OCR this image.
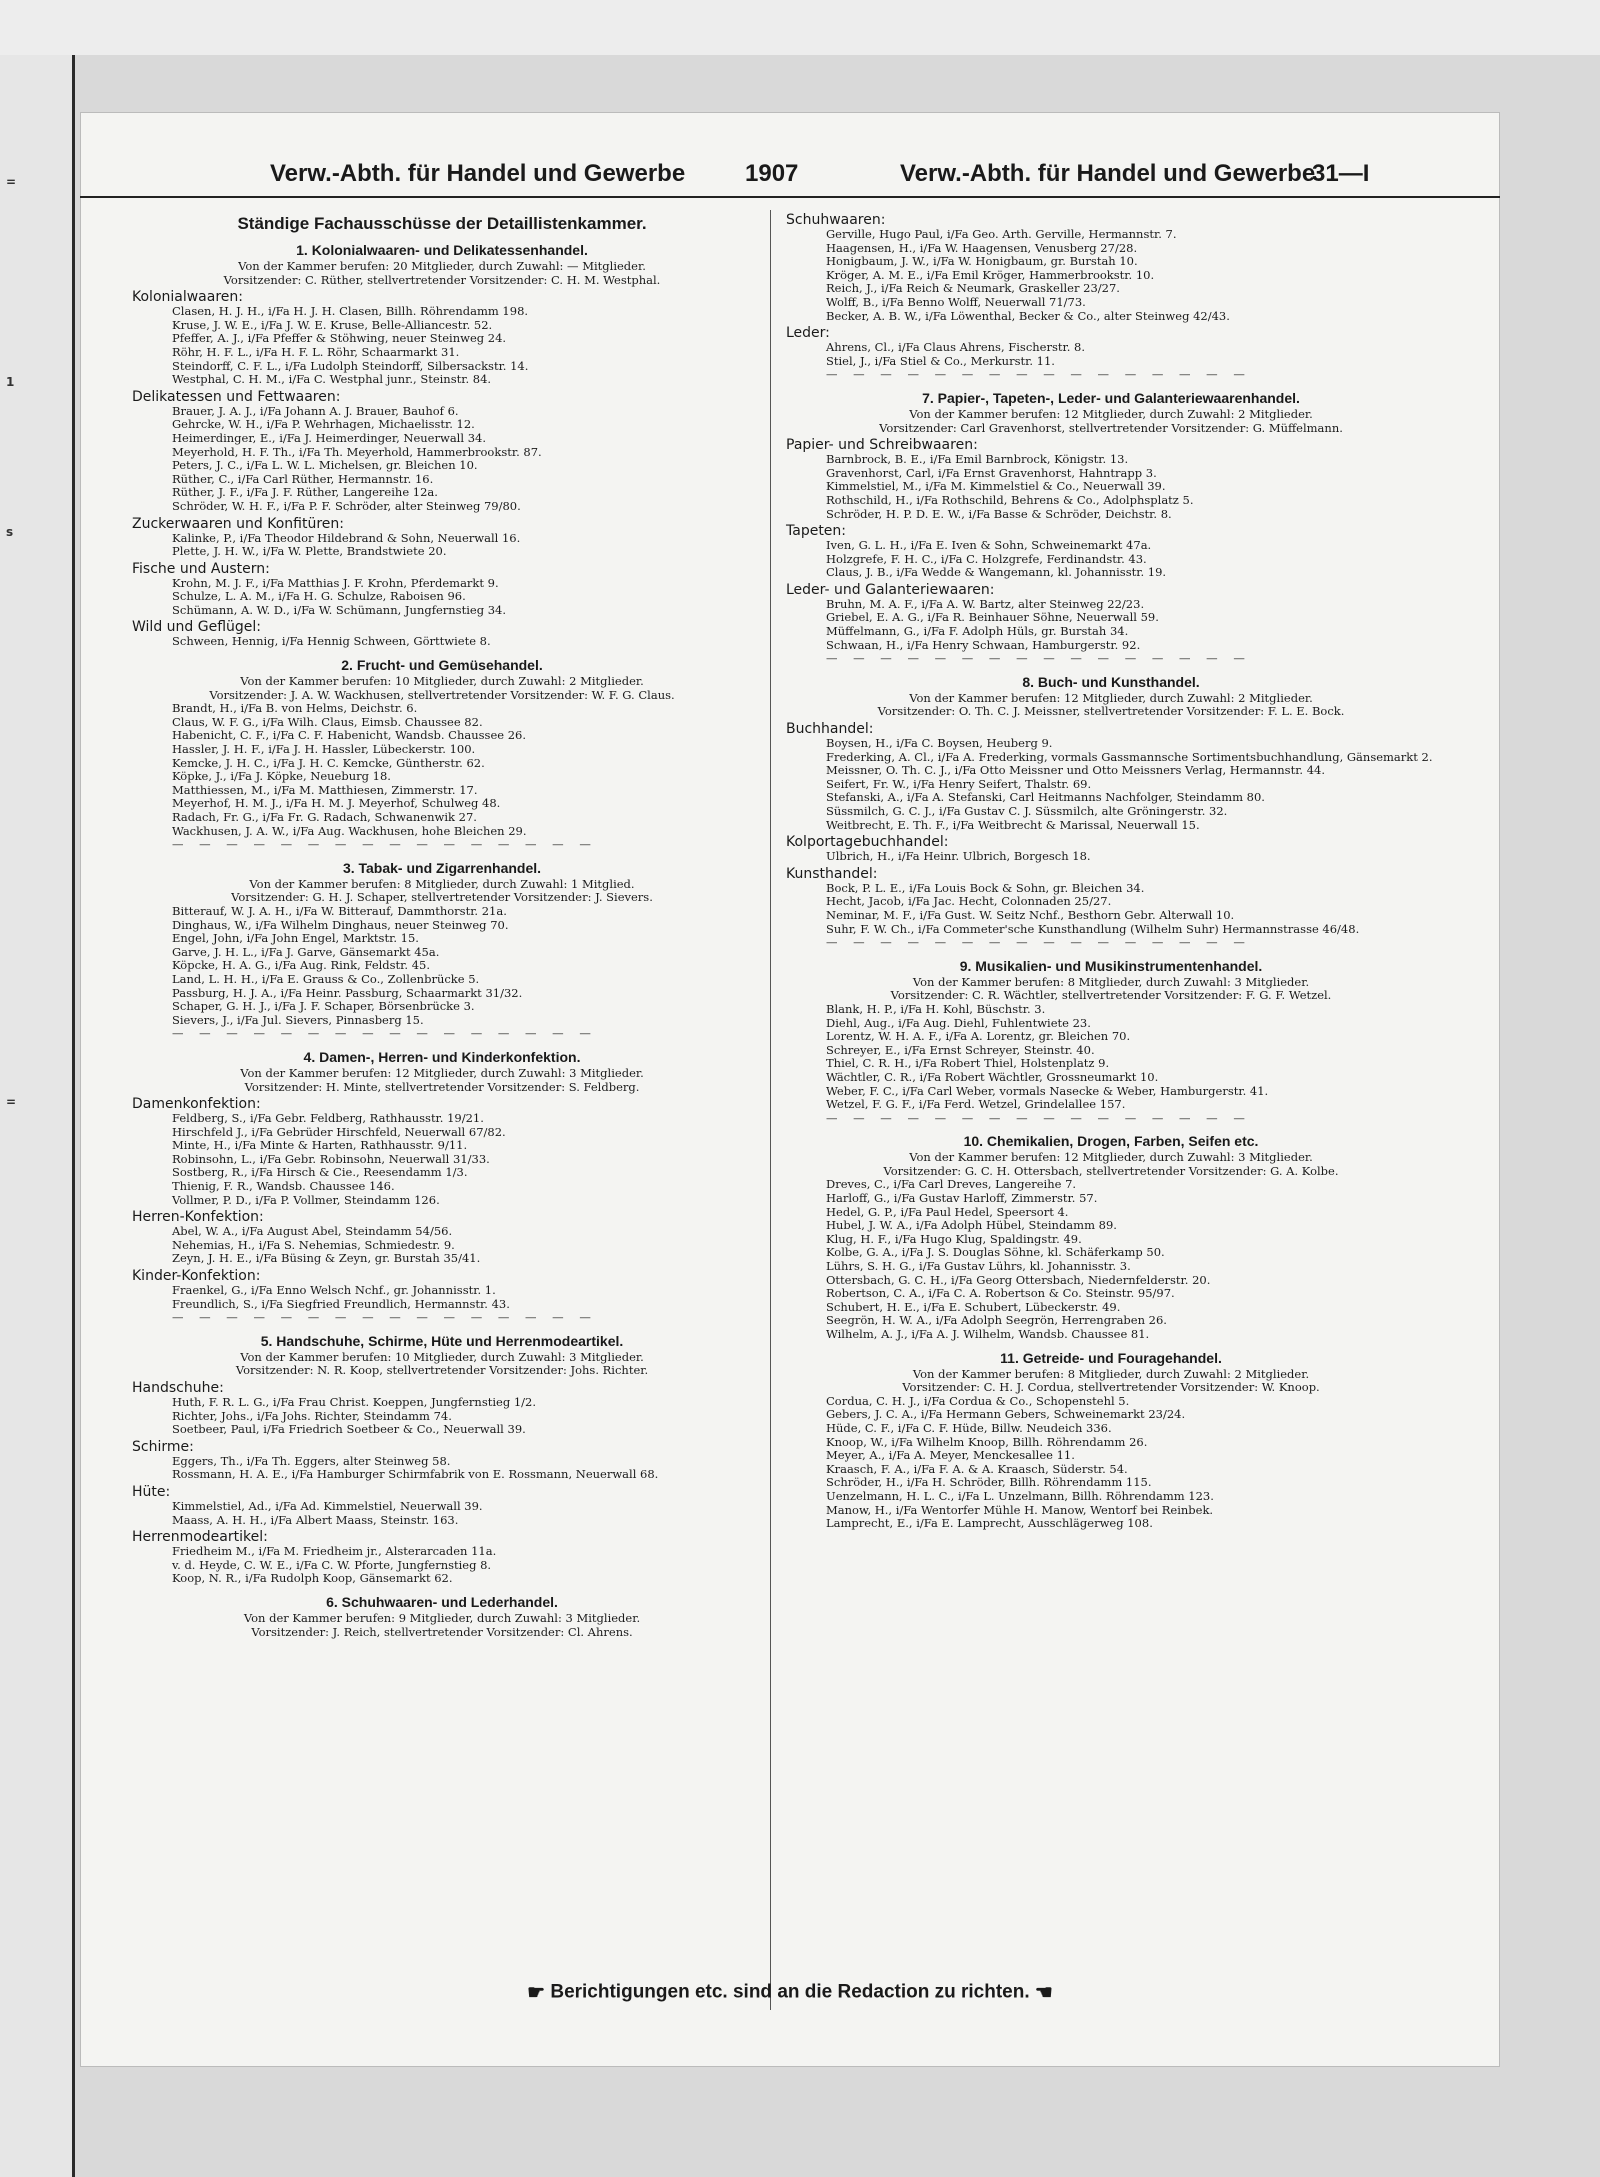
=
1
s
=
Verw.-Abth. für Handel und Gewerbe 1907	Verw.-Abth. für Handel und Gewerbe
31—I
Ständige Fachausschüsse der Detaillistenkammer.
1. Kolonialwaaren- und Delikatessenhandel.
Von der Kammer berufen: 20 Mitglieder, durch Zuwahl: — Mitglieder.
Vorsitzender: C. Rüther, stellvertretender Vorsitzender: C. H. M. Westphal.
Kolonialwaaren:
Clasen, H. J. H., i/Fa H. J. H. Clasen, Billh. Röhrendamm 198.
Kruse, J. W. E., i/Fa J. W. E. Kruse, Belle-Alliancestr. 52.
Pfeffer, A. J., i/Fa Pfeffer & Stöhwing, neuer Steinweg 24.
Röhr, H. F. L., i/Fa H. F. L. Röhr, Schaarmarkt 31.
Steindorff, C. F. L., i/Fa Ludolph Steindorff, Silbersackstr. 14.
Westphal, C. H. M., i/Fa C. Westphal junr., Steinstr. 84.
Delikatessen und Fettwaaren:
Brauer, J. A. J., i/Fa Johann A. J. Brauer, Bauhof 6.
Gehrcke, W. H., i/Fa P. Wehrhagen, Michaelisstr. 12.
Heimerdinger, E., i/Fa J. Heimerdinger, Neuerwall 34.
Meyerhold, H. F. Th., i/Fa Th. Meyerhold, Hammerbrookstr. 87.
Peters, J. C., i/Fa L. W. L. Michelsen, gr. Bleichen 10.
Rüther, C., i/Fa Carl Rüther, Hermannstr. 16.
Rüther, J. F., i/Fa J. F. Rüther, Langereihe 12a.
Schröder, W. H. F., i/Fa P. F. Schröder, alter Steinweg 79/80.
Zuckerwaaren und Konfitüren:
Kalinke, P., i/Fa Theodor Hildebrand & Sohn, Neuerwall 16.
Plette, J. H. W., i/Fa W. Plette, Brandstwiete 20.
Fische und Austern:
Krohn, M. J. F., i/Fa Matthias J. F. Krohn, Pferdemarkt 9.
Schulze, L. A. M., i/Fa H. G. Schulze, Raboisen 96.
Schümann, A. W. D., i/Fa W. Schümann, Jungfernstieg 34.
Wild und Geflügel:
Schween, Hennig, i/Fa Hennig Schween, Görttwiete 8.
2. Frucht- und Gemüsehandel.
Von der Kammer berufen: 10 Mitglieder, durch Zuwahl: 2 Mitglieder.
Vorsitzender: J. A. W. Wackhusen, stellvertretender Vorsitzender: W. F. G. Claus.
Brandt, H., i/Fa B. von Helms, Deichstr. 6.
Claus, W. F. G., i/Fa Wilh. Claus, Eimsb. Chaussee 82.
Habenicht, C. F., i/Fa C. F. Habenicht, Wandsb. Chaussee 26.
Hassler, J. H. F., i/Fa J. H. Hassler, Lübeckerstr. 100.
Kemcke, J. H. C., i/Fa J. H. C. Kemcke, Güntherstr. 62.
Köpke, J., i/Fa J. Köpke, Neueburg 18.
Matthiessen, M., i/Fa M. Matthiesen, Zimmerstr. 17.
Meyerhof, H. M. J., i/Fa H. M. J. Meyerhof, Schulweg 48.
Radach, Fr. G., i/Fa Fr. G. Radach, Schwanenwik 27.
Wackhusen, J. A. W., i/Fa Aug. Wackhusen, hohe Bleichen 29.
— — — — — — — — — — — — — — — —
3. Tabak- und Zigarrenhandel.
Von der Kammer berufen: 8 Mitglieder, durch Zuwahl: 1 Mitglied.
Vorsitzender: G. H. J. Schaper, stellvertretender Vorsitzender: J. Sievers.
Bitterauf, W. J. A. H., i/Fa W. Bitterauf, Dammthorstr. 21a.
Dinghaus, W., i/Fa Wilhelm Dinghaus, neuer Steinweg 70.
Engel, John, i/Fa John Engel, Marktstr. 15.
Garve, J. H. L., i/Fa J. Garve, Gänsemarkt 45a.
Köpcke, H. A. G., i/Fa Aug. Rink, Feldstr. 45.
Land, L. H. H., i/Fa E. Grauss & Co., Zollenbrücke 5.
Passburg, H. J. A., i/Fa Heinr. Passburg, Schaarmarkt 31/32.
Schaper, G. H. J., i/Fa J. F. Schaper, Börsenbrücke 3.
Sievers, J., i/Fa Jul. Sievers, Pinnasberg 15.
— — — — — — — — — — — — — — — —
4. Damen-, Herren- und Kinderkonfektion.
Von der Kammer berufen: 12 Mitglieder, durch Zuwahl: 3 Mitglieder.
Vorsitzender: H. Minte, stellvertretender Vorsitzender: S. Feldberg.
Damenkonfektion:
Feldberg, S., i/Fa Gebr. Feldberg, Rathhausstr. 19/21.
Hirschfeld J., i/Fa Gebrüder Hirschfeld, Neuerwall 67/82.
Minte, H., i/Fa Minte & Harten, Rathhausstr. 9/11.
Robinsohn, L., i/Fa Gebr. Robinsohn, Neuerwall 31/33.
Sostberg, R., i/Fa Hirsch & Cie., Reesendamm 1/3.
Thienig, F. R., Wandsb. Chaussee 146.
Vollmer, P. D., i/Fa P. Vollmer, Steindamm 126.
Herren-Konfektion:
Abel, W. A., i/Fa August Abel, Steindamm 54/56.
Nehemias, H., i/Fa S. Nehemias, Schmiedestr. 9.
Zeyn, J. H. E., i/Fa Büsing & Zeyn, gr. Burstah 35/41.
Kinder-Konfektion:
Fraenkel, G., i/Fa Enno Welsch Nchf., gr. Johannisstr. 1.
Freundlich, S., i/Fa Siegfried Freundlich, Hermannstr. 43.
— — — — — — — — — — — — — — — —
5. Handschuhe, Schirme, Hüte und Herrenmodeartikel.
Von der Kammer berufen: 10 Mitglieder, durch Zuwahl: 3 Mitglieder.
Vorsitzender: N. R. Koop, stellvertretender Vorsitzender: Johs. Richter.
Handschuhe:
Huth, F. R. L. G., i/Fa Frau Christ. Koeppen, Jungfernstieg 1/2.
Richter, Johs., i/Fa Johs. Richter, Steindamm 74.
Soetbeer, Paul, i/Fa Friedrich Soetbeer & Co., Neuerwall 39.
Schirme:
Eggers, Th., i/Fa Th. Eggers, alter Steinweg 58.
Rossmann, H. A. E., i/Fa Hamburger Schirmfabrik von E. Rossmann, Neuerwall 68.
Hüte:
Kimmelstiel, Ad., i/Fa Ad. Kimmelstiel, Neuerwall 39.
Maass, A. H. H., i/Fa Albert Maass, Steinstr. 163.
Herrenmodeartikel:
Friedheim M., i/Fa M. Friedheim jr., Alsterarcaden 11a.
v. d. Heyde, C. W. E., i/Fa C. W. Pforte, Jungfernstieg 8.
Koop, N. R., i/Fa Rudolph Koop, Gänsemarkt 62.
6. Schuhwaaren- und Lederhandel.
Von der Kammer berufen: 9 Mitglieder, durch Zuwahl: 3 Mitglieder.
Vorsitzender: J. Reich, stellvertretender Vorsitzender: Cl. Ahrens.
Schuhwaaren:
Gerville, Hugo Paul, i/Fa Geo. Arth. Gerville, Hermannstr. 7.
Haagensen, H., i/Fa W. Haagensen, Venusberg 27/28.
Honigbaum, J. W., i/Fa W. Honigbaum, gr. Burstah 10.
Kröger, A. M. E., i/Fa Emil Kröger, Hammerbrookstr. 10.
Reich, J., i/Fa Reich & Neumark, Graskeller 23/27.
Wolff, B., i/Fa Benno Wolff, Neuerwall 71/73.
Becker, A. B. W., i/Fa Löwenthal, Becker & Co., alter Steinweg 42/43.
Leder:
Ahrens, Cl., i/Fa Claus Ahrens, Fischerstr. 8.
Stiel, J., i/Fa Stiel & Co., Merkurstr. 11.
— — — — — — — — — — — — — — — —
7. Papier-, Tapeten-, Leder- und Galanteriewaarenhandel.
Von der Kammer berufen: 12 Mitglieder, durch Zuwahl: 2 Mitglieder.
Vorsitzender: Carl Gravenhorst, stellvertretender Vorsitzender: G. Müffelmann.
Papier- und Schreibwaaren:
Barnbrock, B. E., i/Fa Emil Barnbrock, Königstr. 13.
Gravenhorst, Carl, i/Fa Ernst Gravenhorst, Hahntrapp 3.
Kimmelstiel, M., i/Fa M. Kimmelstiel & Co., Neuerwall 39.
Rothschild, H., i/Fa Rothschild, Behrens & Co., Adolphsplatz 5.
Schröder, H. P. D. E. W., i/Fa Basse & Schröder, Deichstr. 8.
Tapeten:
Iven, G. L. H., i/Fa E. Iven & Sohn, Schweinemarkt 47a.
Holzgrefe, F. H. C., i/Fa C. Holzgrefe, Ferdinandstr. 43.
Claus, J. B., i/Fa Wedde & Wangemann, kl. Johannisstr. 19.
Leder- und Galanteriewaaren:
Bruhn, M. A. F., i/Fa A. W. Bartz, alter Steinweg 22/23.
Griebel, E. A. G., i/Fa R. Beinhauer Söhne, Neuerwall 59.
Müffelmann, G., i/Fa F. Adolph Hüls, gr. Burstah 34.
Schwaan, H., i/Fa Henry Schwaan, Hamburgerstr. 92.
— — — — — — — — — — — — — — — —
8. Buch- und Kunsthandel.
Von der Kammer berufen: 12 Mitglieder, durch Zuwahl: 2 Mitglieder.
Vorsitzender: O. Th. C. J. Meissner, stellvertretender Vorsitzender: F. L. E. Bock.
Buchhandel:
Boysen, H., i/Fa C. Boysen, Heuberg 9.
Frederking, A. Cl., i/Fa A. Frederking, vormals Gassmannsche Sortimentsbuchhandlung, Gänsemarkt 2.
Meissner, O. Th. C. J., i/Fa Otto Meissner und Otto Meissners Verlag, Hermannstr. 44.
Seifert, Fr. W., i/Fa Henry Seifert, Thalstr. 69.
Stefanski, A., i/Fa A. Stefanski, Carl Heitmanns Nachfolger, Steindamm 80.
Süssmilch, G. C. J., i/Fa Gustav C. J. Süssmilch, alte Gröningerstr. 32.
Weitbrecht, E. Th. F., i/Fa Weitbrecht & Marissal, Neuerwall 15.
Kolportagebuchhandel:
Ulbrich, H., i/Fa Heinr. Ulbrich, Borgesch 18.
Kunsthandel:
Bock, P. L. E., i/Fa Louis Bock & Sohn, gr. Bleichen 34.
Hecht, Jacob, i/Fa Jac. Hecht, Colonnaden 25/27.
Neminar, M. F., i/Fa Gust. W. Seitz Nchf., Besthorn Gebr. Alterwall 10.
Suhr, F. W. Ch., i/Fa Commeter'sche Kunsthandlung (Wilhelm Suhr) Hermannstrasse 46/48.
— — — — — — — — — — — — — — — —
9. Musikalien- und Musikinstrumentenhandel.
Von der Kammer berufen: 8 Mitglieder, durch Zuwahl: 3 Mitglieder.
Vorsitzender: C. R. Wächtler, stellvertretender Vorsitzender: F. G. F. Wetzel.
Blank, H. P., i/Fa H. Kohl, Büschstr. 3.
Diehl, Aug., i/Fa Aug. Diehl, Fuhlentwiete 23.
Lorentz, W. H. A. F., i/Fa A. Lorentz, gr. Bleichen 70.
Schreyer, E., i/Fa Ernst Schreyer, Steinstr. 40.
Thiel, C. R. H., i/Fa Robert Thiel, Holstenplatz 9.
Wächtler, C. R., i/Fa Robert Wächtler, Grossneumarkt 10.
Weber, F. C., i/Fa Carl Weber, vormals Nasecke & Weber, Hamburgerstr. 41.
Wetzel, F. G. F., i/Fa Ferd. Wetzel, Grindelallee 157.
— — — — — — — — — — — — — — — —
10. Chemikalien, Drogen, Farben, Seifen etc.
Von der Kammer berufen: 12 Mitglieder, durch Zuwahl: 3 Mitglieder.
Vorsitzender: G. C. H. Ottersbach, stellvertretender Vorsitzender: G. A. Kolbe.
Dreves, C., i/Fa Carl Dreves, Langereihe 7.
Harloff, G., i/Fa Gustav Harloff, Zimmerstr. 57.
Hedel, G. P., i/Fa Paul Hedel, Speersort 4.
Hubel, J. W. A., i/Fa Adolph Hübel, Steindamm 89.
Klug, H. F., i/Fa Hugo Klug, Spaldingstr. 49.
Kolbe, G. A., i/Fa J. S. Douglas Söhne, kl. Schäferkamp 50.
Lührs, S. H. G., i/Fa Gustav Lührs, kl. Johannisstr. 3.
Ottersbach, G. C. H., i/Fa Georg Ottersbach, Niedernfelderstr. 20.
Robertson, C. A., i/Fa C. A. Robertson & Co. Steinstr. 95/97.
Schubert, H. E., i/Fa E. Schubert, Lübeckerstr. 49.
Seegrön, H. W. A., i/Fa Adolph Seegrön, Herrengraben 26.
Wilhelm, A. J., i/Fa A. J. Wilhelm, Wandsb. Chaussee 81.
11. Getreide- und Fouragehandel.
Von der Kammer berufen: 8 Mitglieder, durch Zuwahl: 2 Mitglieder.
Vorsitzender: C. H. J. Cordua, stellvertretender Vorsitzender: W. Knoop.
Cordua, C. H. J., i/Fa Cordua & Co., Schopenstehl 5.
Gebers, J. C. A., i/Fa Hermann Gebers, Schweinemarkt 23/24.
Hüde, C. F., i/Fa C. F. Hüde, Billw. Neudeich 336.
Knoop, W., i/Fa Wilhelm Knoop, Billh. Röhrendamm 26.
Meyer, A., i/Fa A. Meyer, Menckesallee 11.
Kraasch, F. A., i/Fa F. A. & A. Kraasch, Süderstr. 54.
Schröder, H., i/Fa H. Schröder, Billh. Röhrendamm 115.
Uenzelmann, H. L. C., i/Fa L. Unzelmann, Billh. Röhrendamm 123.
Manow, H., i/Fa Wentorfer Mühle H. Manow, Wentorf bei Reinbek.
Lamprecht, E., i/Fa E. Lamprecht, Ausschlägerweg 108.
☛ Berichtigungen etc. sind an die Redaction zu richten. ☚
